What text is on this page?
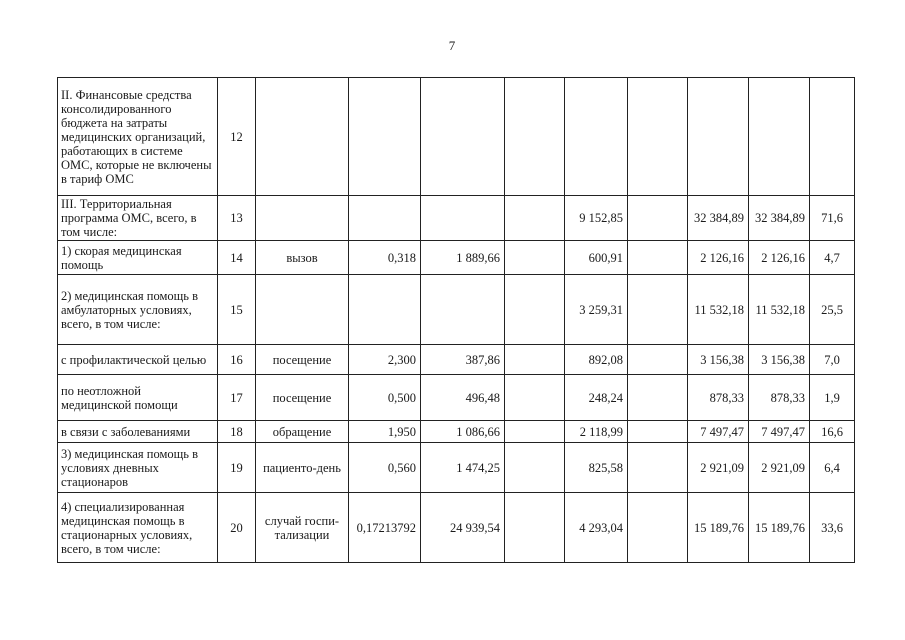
7
II. Финансовые средства консолидированного бюджета на затраты медицинских организаций, работающих в системе ОМС, которые не включены в тариф ОМС	12									
III. Территориальная программа ОМС, всего, в том числе:	13					9 152,85		32 384,89	32 384,89	71,6
1) скорая медицинская помощь	14	вызов	0,318	1 889,66		600,91		2 126,16	2 126,16	4,7
2) медицинская помощь в амбулаторных условиях, всего, в том числе:	15					3 259,31		11 532,18	11 532,18	25,5
с профилактической целью	16	посещение	2,300	387,86		892,08		3 156,38	3 156,38	7,0
по неотложной медицинской помощи	17	посещение	0,500	496,48		248,24		878,33	878,33	1,9
в связи с заболеваниями	18	обращение	1,950	1 086,66		2 118,99		7 497,47	7 497,47	16,6
3) медицинская помощь в условиях дневных стационаров	19	пациенто-день	0,560	1 474,25		825,58		2 921,09	2 921,09	6,4
4) специализированная медицинская помощь в стационарных условиях, всего, в том числе:	20	случай госпи-тализации	0,17213792	24 939,54		4 293,04		15 189,76	15 189,76	33,6
